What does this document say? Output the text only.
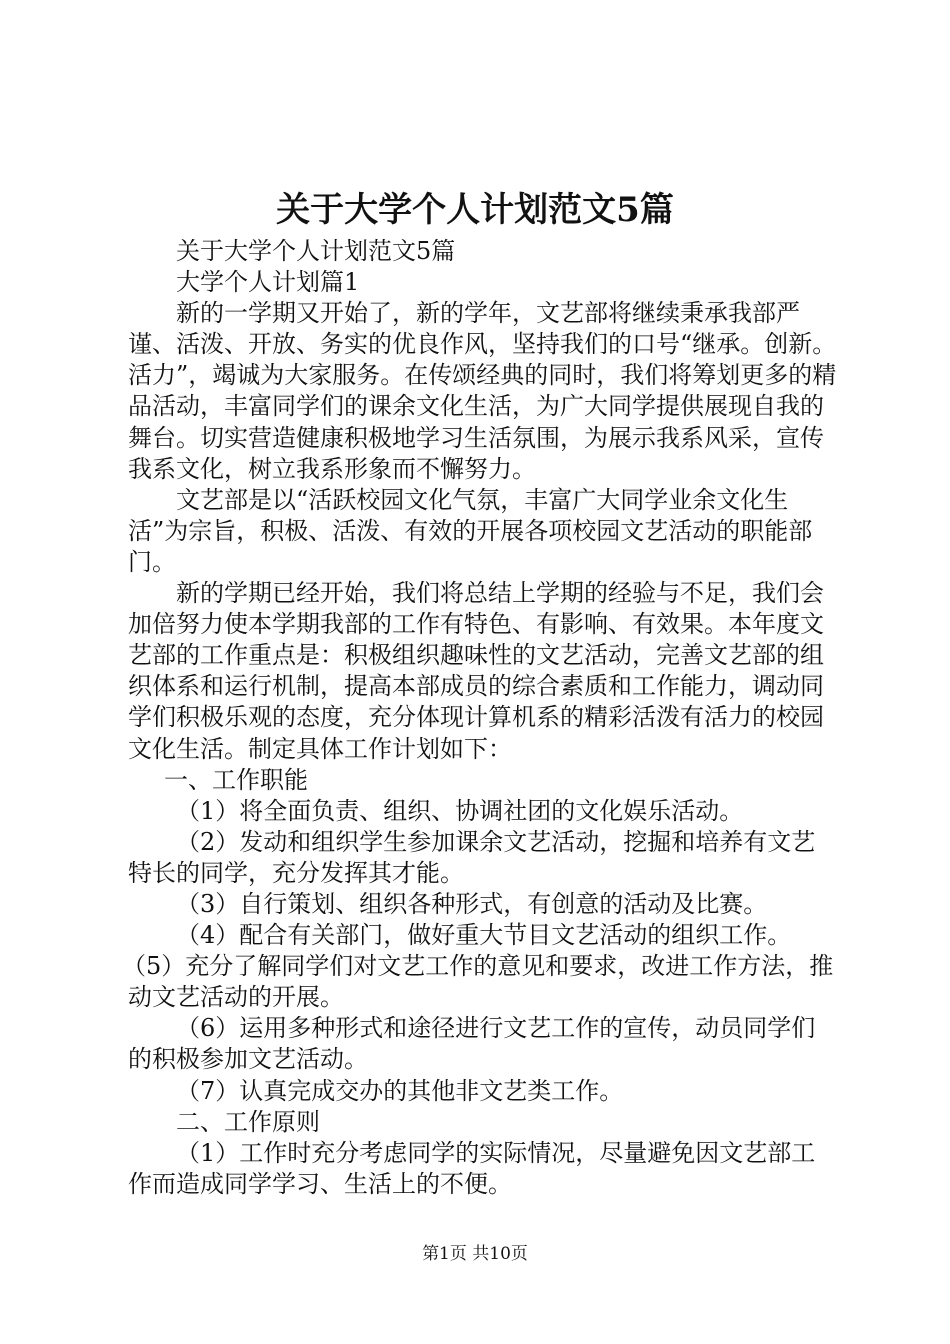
关于大学个人计划范文5篇

关于大学个人计划范文5篇

大学个人计划篇1

新的一学期又开始了，新的学年，文艺部将继续秉承我部严谨、活泼、开放、务实的优良作风，坚持我们的口号“继承。创新。活力”，竭诚为大家服务。在传颂经典的同时，我们将筹划更多的精品活动，丰富同学们的课余文化生活，为广大同学提供展现自我的舞台。切实营造健康积极地学习生活氛围，为展示我系风采，宣传我系文化，树立我系形象而不懈努力。

文艺部是以“活跃校园文化气氛，丰富广大同学业余文化生活”为宗旨，积极、活泼、有效的开展各项校园文艺活动的职能部门。

新的学期已经开始，我们将总结上学期的经验与不足，我们会加倍努力使本学期我部的工作有特色、有影响、有效果。本年度文艺部的工作重点是：积极组织趣味性的文艺活动，完善文艺部的组织体系和运行机制，提高本部成员的综合素质和工作能力，调动同学们积极乐观的态度，充分体现计算机系的精彩活泼有活力的校园文化生活。制定具体工作计划如下：

一、工作职能

（1）将全面负责、组织、协调社团的文化娱乐活动。

（2）发动和组织学生参加课余文艺活动，挖掘和培养有文艺特长的同学，充分发挥其才能。

（3）自行策划、组织各种形式，有创意的活动及比赛。

（4）配合有关部门，做好重大节目文艺活动的组织工作。

（5）充分了解同学们对文艺工作的意见和要求，改进工作方法，推动文艺活动的开展。

（6）运用多种形式和途径进行文艺工作的宣传，动员同学们的积极参加文艺活动。

（7）认真完成交办的其他非文艺类工作。

二、工作原则

（1）工作时充分考虑同学的实际情况，尽量避免因文艺部工作而造成同学学习、生活上的不便。

第1页 共10页
